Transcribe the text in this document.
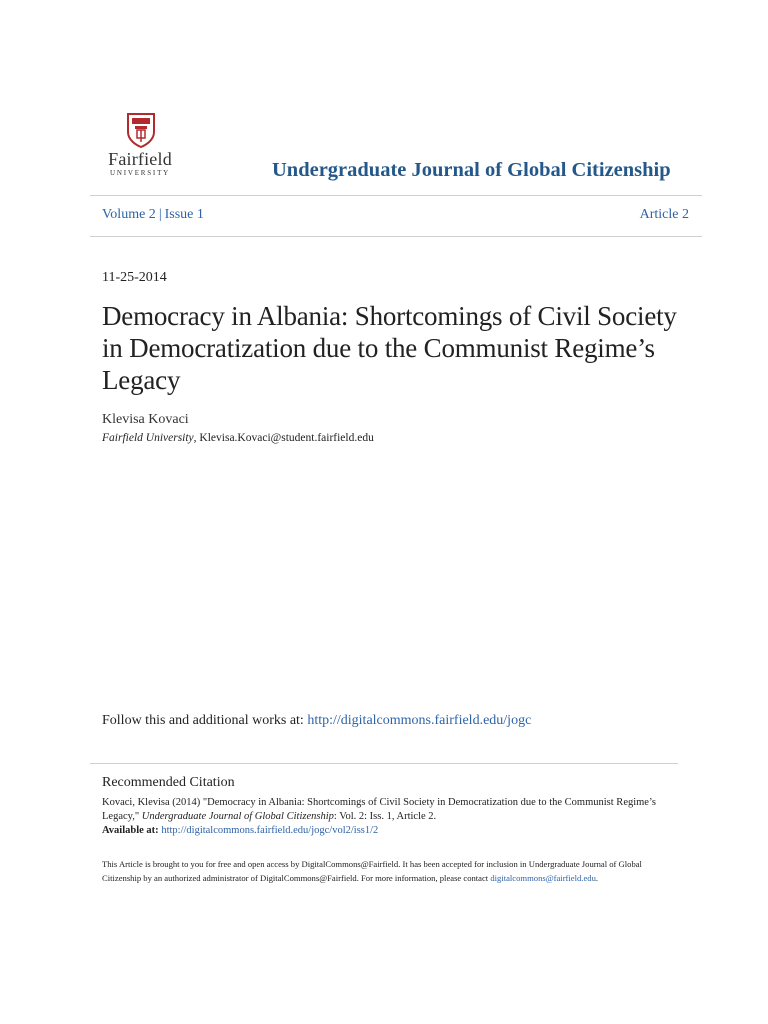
Fairfield
UNIVERSITY	Undergraduate Journal of Global Citizenship
Volume 2 | Issue 1	Article 2
11-25-2014
Democracy in Albania: Shortcomings of Civil Society in Democratization due to the Communist Regime’s Legacy
Klevisa Kovaci
Fairfield University, Klevisa.Kovaci@student.fairfield.edu
Follow this and additional works at: http://digitalcommons.fairfield.edu/jogc
Recommended Citation
Kovaci, Klevisa (2014) "Democracy in Albania: Shortcomings of Civil Society in Democratization due to the Communist Regime’s Legacy," Undergraduate Journal of Global Citizenship: Vol. 2: Iss. 1, Article 2.
Available at: http://digitalcommons.fairfield.edu/jogc/vol2/iss1/2
This Article is brought to you for free and open access by DigitalCommons@Fairfield. It has been accepted for inclusion in Undergraduate Journal of Global Citizenship by an authorized administrator of DigitalCommons@Fairfield. For more information, please contact digitalcommons@fairfield.edu.
